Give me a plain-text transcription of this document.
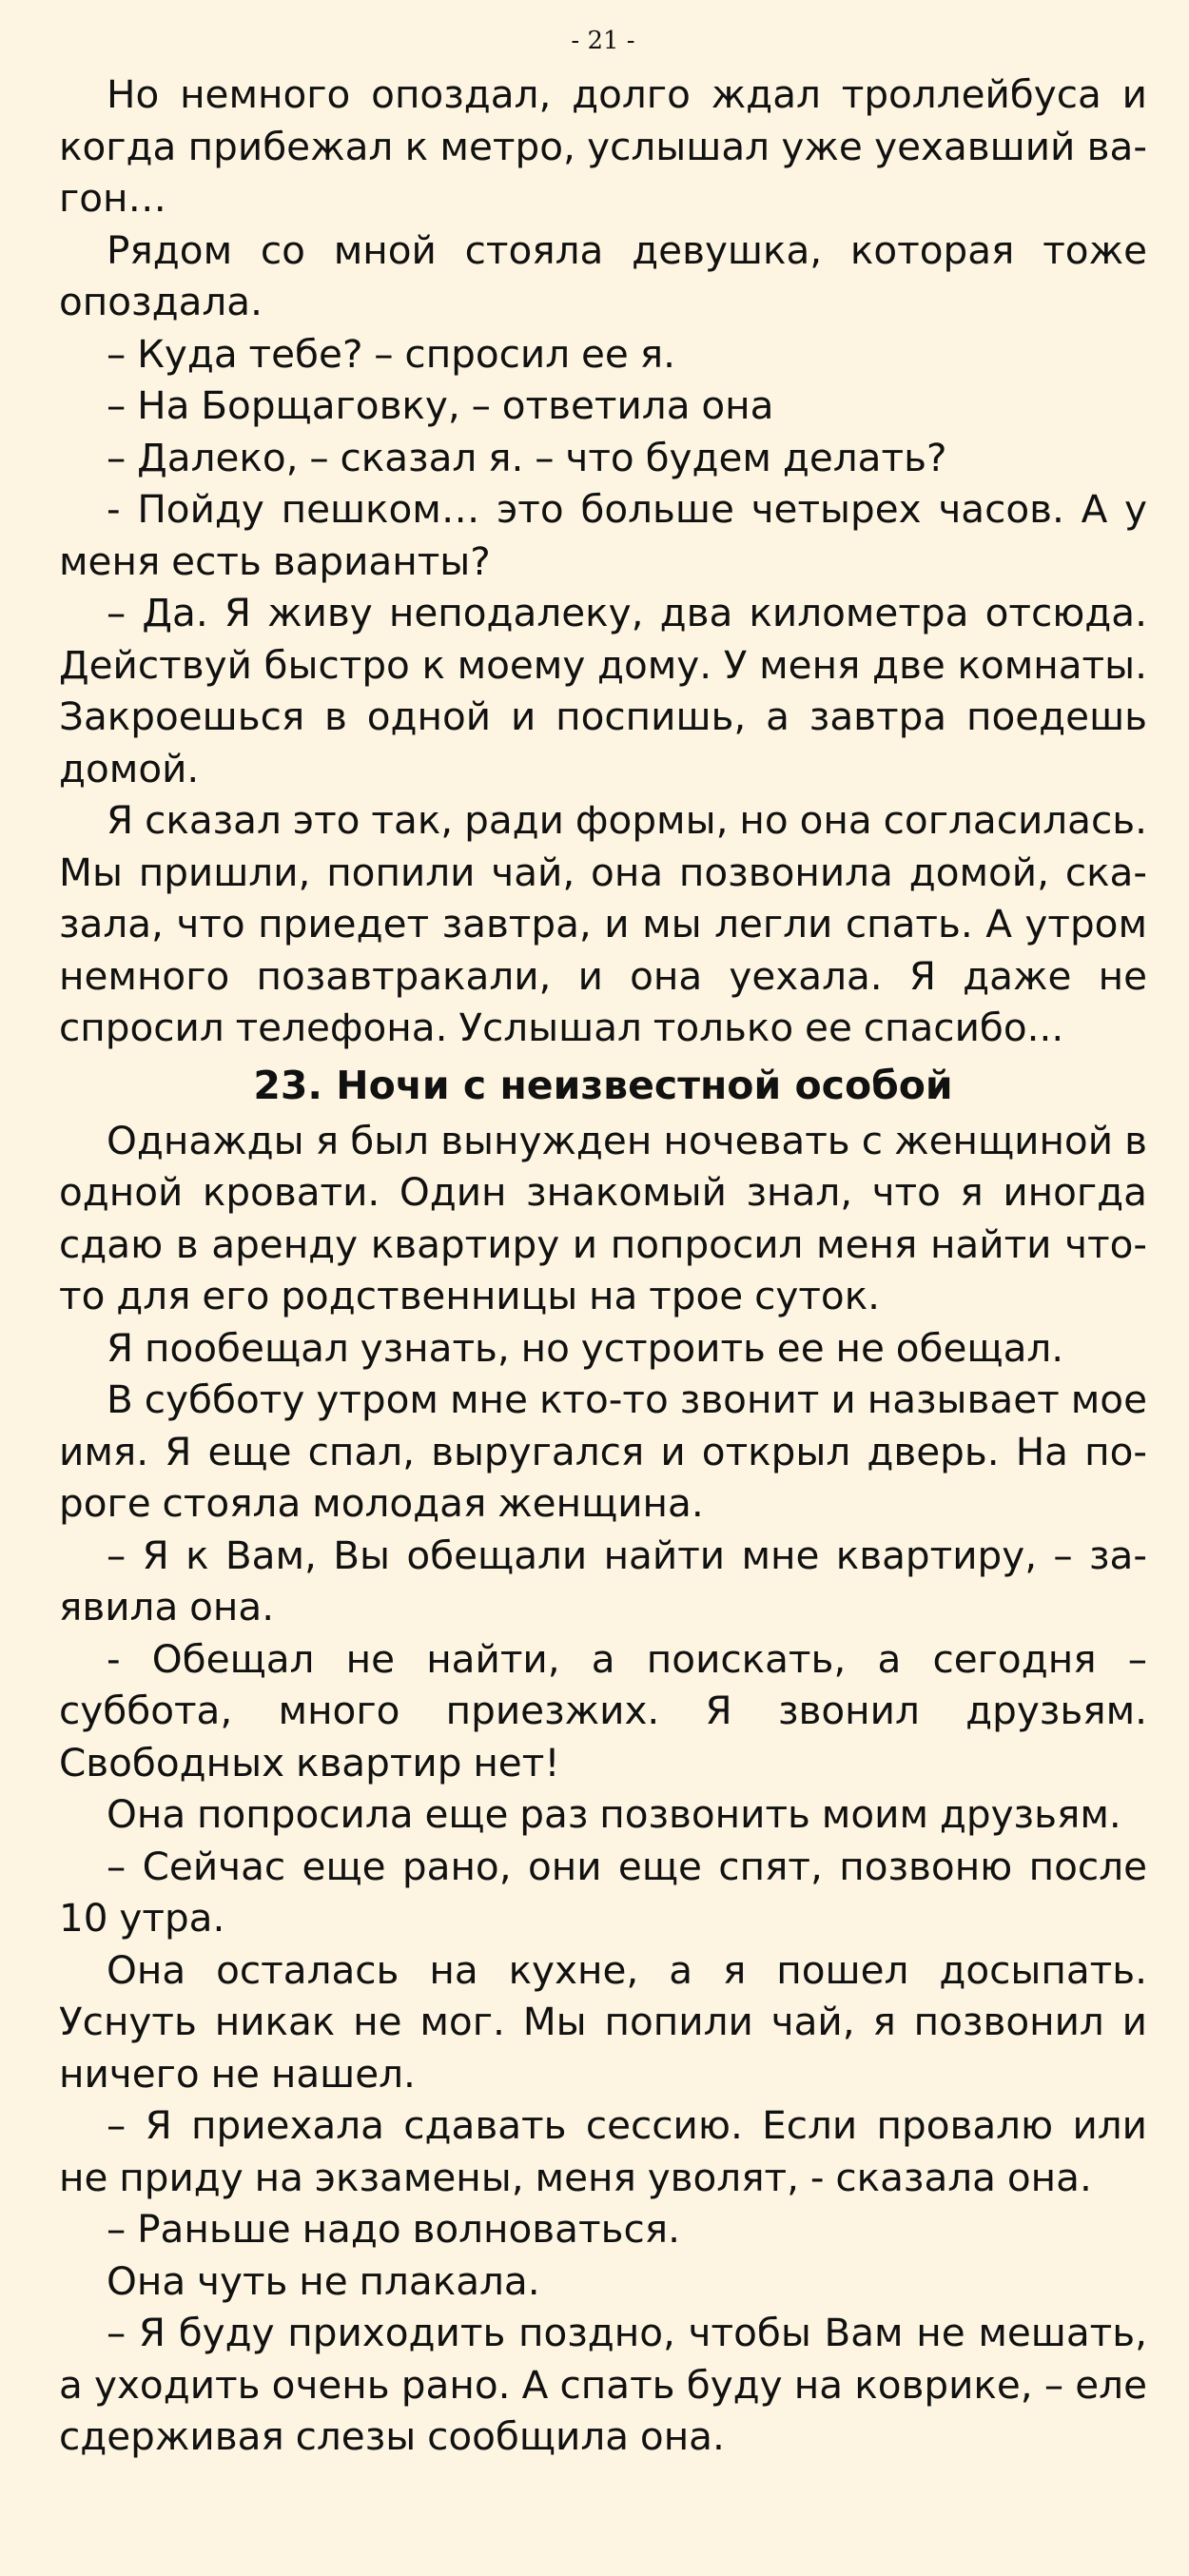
- 21 -

Но немного опоздал, долго ждал троллейбуса и когда прибежал к метро, услышал уже уехавший вагон…

Рядом со мной стояла девушка, которая тоже опоздала.

– Куда тебе? – спросил ее я.

– На Борщаговку, – ответила она

– Далеко, – сказал я. – что будем делать?

- Пойду пешком… это больше четырех часов. А у меня есть варианты?

– Да. Я живу неподалеку, два километра отсюда. Действуй быстро к моему дому. У меня две комнаты. Закроешься в одной и поспишь, а завтра поедешь домой.

Я сказал это так, ради формы, но она согласилась. Мы пришли, попили чай, она позвонила домой, сказала, что приедет завтра, и мы легли спать. А утром немного позавтракали, и она уехала. Я даже не спросил телефона. Услышал только ее спасибо...

23. Ночи с неизвестной особой

Однажды я был вынужден ночевать с женщиной в одной кровати. Один знакомый знал, что я иногда сдаю в аренду квартиру и попросил меня найти что-то для его родственницы на трое суток.

Я пообещал узнать, но устроить ее не обещал.

В субботу утром мне кто-то звонит и называет мое имя. Я еще спал, выругался и открыл дверь. На пороге стояла молодая женщина.

– Я к Вам, Вы обещали найти мне квартиру, – заявила она.

- Обещал не найти, а поискать, а сегодня – суббота, много приезжих. Я звонил друзьям. Свободных квартир нет!

Она попросила еще раз позвонить моим друзьям.

– Сейчас еще рано, они еще спят, позвоню после 10 утра.

Она осталась на кухне, а я пошел досыпать. Уснуть никак не мог. Мы попили чай, я позвонил и ничего не нашел.

– Я приехала сдавать сессию. Если провалю или не приду на экзамены, меня уволят, - сказала она.

– Раньше надо волноваться.

Она чуть не плакала.

– Я буду приходить поздно, чтобы Вам не мешать, а уходить очень рано. А спать буду на коврике, – еле сдерживая слезы сообщила она.
